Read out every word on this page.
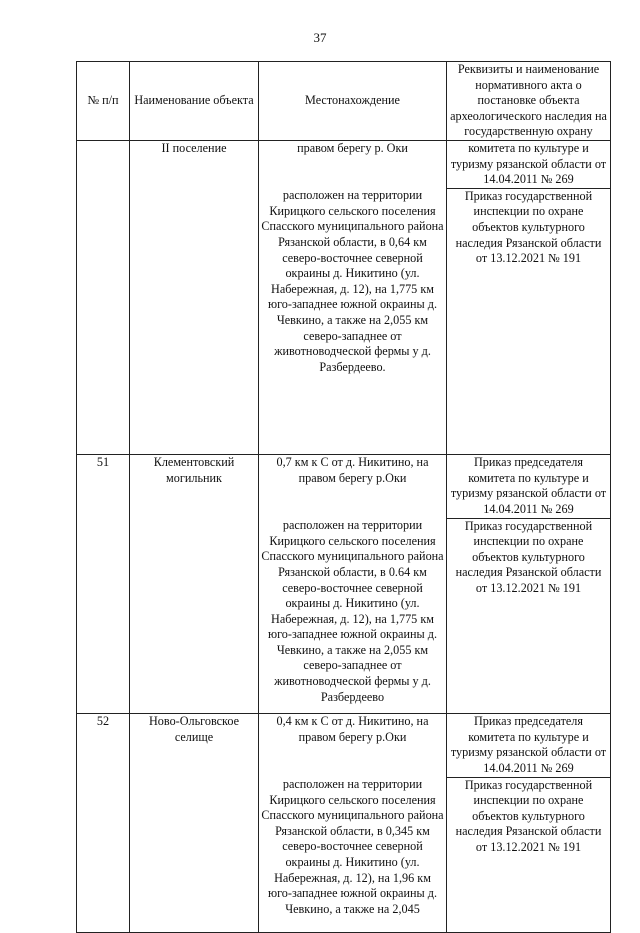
37
№ п/п	Наименование объекта	Местонахождение	Реквизиты и наименование нормативного акта о постановке объекта археологического наследия на государственную охрану
	II поселение	правом берегу р. Оки	комитета по культуре и туризму рязанской области от 14.04.2011 № 269
		расположен на территории Кирицкого сельского поселения Спасского муниципального района Рязанской области, в 0,64 км северо-восточнее северной окраины д. Никитино (ул. Набережная, д. 12), на 1,775 км юго-западнее южной окраины д. Чевкино, а также на 2,055 км северо-западнее от животноводческой фермы у д. Разбердеево.	Приказ государственной инспекции по охране объектов культурного наследия Рязанской области от 13.12.2021 № 191
51	Клементовский могильник	0,7 км к С от д. Никитино, на правом берегу р.Оки	Приказ председателя комитета по культуре и туризму рязанской области от 14.04.2011 № 269
		расположен на территории Кирицкого сельского поселения Спасского муниципального района Рязанской области, в 0.64 км северо-восточнее северной окраины д. Никитино (ул. Набережная, д. 12), на 1,775 км юго-западнее южной окраины д. Чевкино, а также на 2,055 км северо-западнее от животноводческой фермы у д. Разбердеево	Приказ государственной инспекции по охране объектов культурного наследия Рязанской области от 13.12.2021 № 191
52	Ново-Ольговское селище	0,4 км к С от д. Никитино, на правом берегу р.Оки	Приказ председателя комитета по культуре и туризму рязанской области от 14.04.2011 № 269
		расположен на территории Кирицкого сельского поселения Спасского муниципального района Рязанской области, в 0,345 км северо-восточнее северной окраины д. Никитино (ул. Набережная, д. 12), на 1,96 км юго-западнее южной окраины д. Чевкино, а также на 2,045	Приказ государственной инспекции по охране объектов культурного наследия Рязанской области от 13.12.2021 № 191
